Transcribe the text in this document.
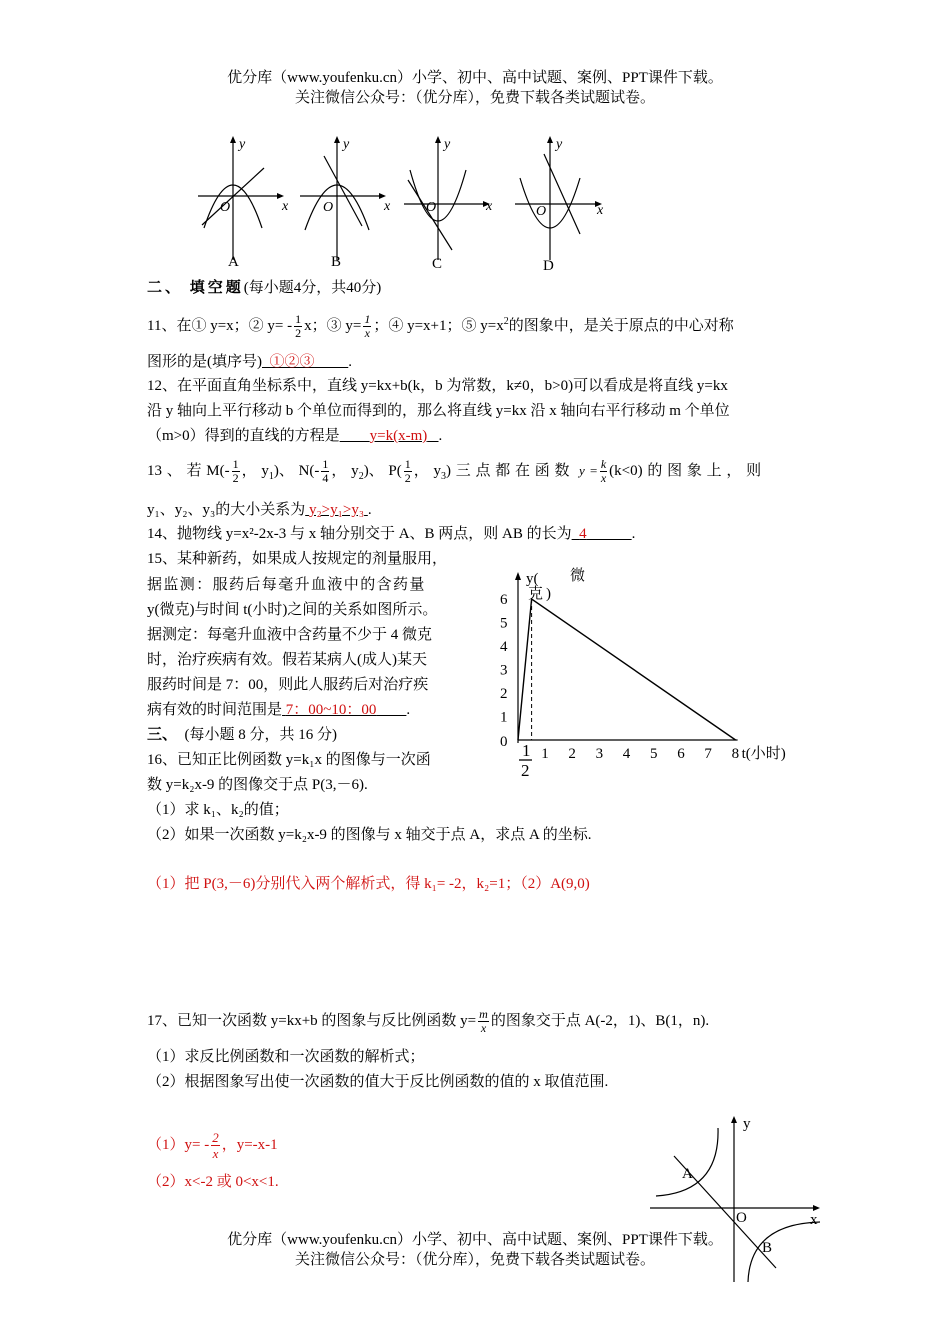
优分库（www.youfenku.cn）小学、初中、高中试题、案例、PPT课件下载。
关注微信公众号：（优分库），免费下载各类试题试卷。
y
x
O
y
x
O
y
x
O
y
x
O
A	B	C	D
二、 填空题(每小题4分，共40分)
11、在① y=x；② $y= - \frac{1}{2}$ x；③ $y= \frac{1}{x}$ ；④ y=x+1；⑤ $y=x^2$的图象中，是关于原点的中心对称
图形的是(填序号) ①②③ .
12、在平面直角坐标系中，直线 y=kx+b(k，b 为常数，k≠0，b>0)可以看成是将直线 y=kx
沿 y 轴向上平行移动 b 个单位而得到的，那么将直线 y=kx 沿 x 轴向右平行移动 m 个单位
（m>0）得到的直线的方程是 y=k(x-m) .
13 、 若 $M(- \frac{1}{2}$ ， $y_1$)、 $N(- \frac{1}{4}$ ， $y_2$)、 $P( \frac{1}{2}$ ， $y_3$) 三 点 都 在 函 数 $y = \frac{k}{x} (k<0)$ 的 图 象 上 ， 则
y₁、y₂、y₃的大小关系为 y₂>y₁>y₃ .
14、抛物线 y=x²-2x-3 与 x 轴分别交于 A、B 两点，则 AB 的长为 4	.
15、某种新药，如果成人按规定的剂量服用，
据监测：服药后每毫升血液中的含药量
y(微克)与时间 t(小时)之间的关系如图所示。
据测定：每毫升血液中含药量不少于 4 微克
时，治疗疾病有效。假若某病人(成人)某天
服药时间是 7：00，则此人服药后对治疗疾
病有效的时间范围是 7：00~10：00 .	1
2
3
4
5
6
1 2 3 4 5 6 7 8
0 1
2
y( 微
克 )
t(小时)
三、 (每小题 8 分，共 16 分)
16、已知正比例函数 y=k₁x 的图像与一次函
数 y=k₂x-9 的图像交于点 P(3,－6).
（1）求 k₁、k₂的值；
（2）如果一次函数 y=k₂x-9 的图像与 x 轴交于点 A，求点 A 的坐标.
（1）把 P(3,－6)分别代入两个解析式，得 k₁= -2，k₂=1；（2）A(9,0)
17、已知一次函数 y=kx+b 的图象与反比例函数 $y= \frac{m}{x}$ 的图象交于点 A(-2，1)、B(1，n).
（1）求反比例函数和一次函数的解析式；
（2）根据图象写出使一次函数的值大于反比例函数的值的 x 取值范围.
$(1)y= - \frac{2}{x}$ ，y=-x-1
（2）x<-2 或 0<x<1.
y
x
O
A
B
优分库（www.youfenku.cn）小学、初中、高中试题、案例、PPT课件下载。
关注微信公众号：（优分库），免费下载各类试题试卷。
